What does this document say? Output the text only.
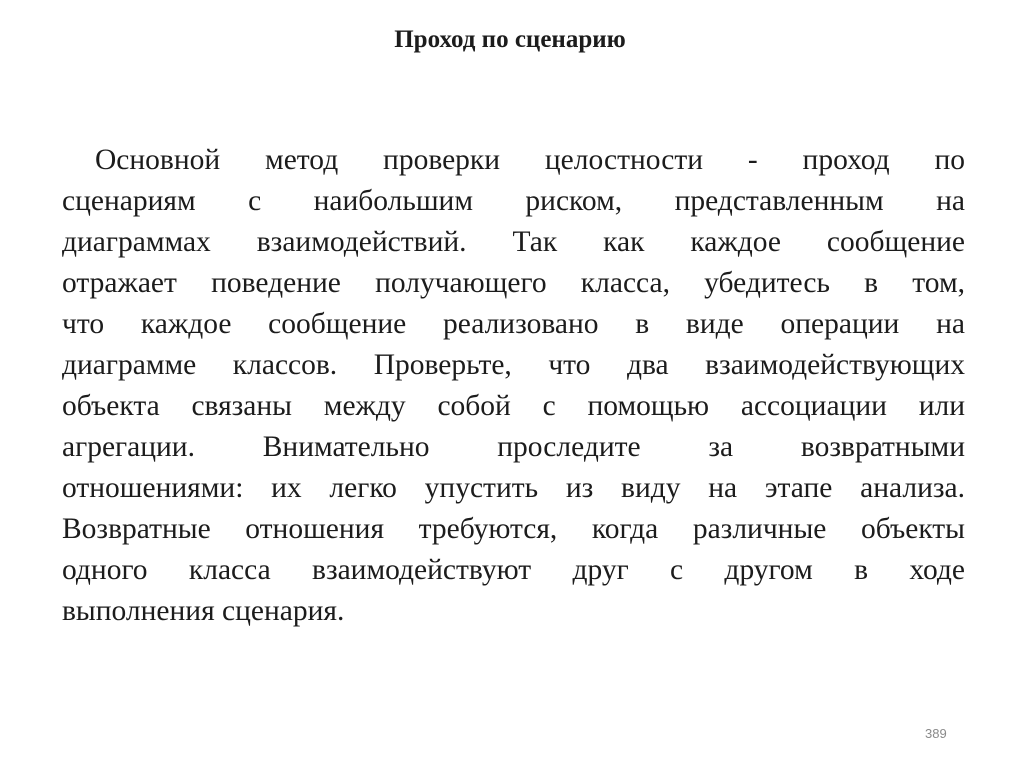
Проход по сценарию
Основной метод проверки целостности - проход по
сценариям с наибольшим риском, представленным на
диаграммах взаимодействий. Так как каждое сообщение
отражает поведение получающего класса, убедитесь в том,
что каждое сообщение реализовано в виде операции на
диаграмме классов. Проверьте, что два взаимодействующих
объекта связаны между собой с помощью ассоциации или
агрегации. Внимательно проследите за возвратными
отношениями: их легко упустить из виду на этапе анализа.
Возвратные отношения требуются, когда различные объекты
одного класса взаимодействуют друг с другом в ходе
выполнения сценария.
389
